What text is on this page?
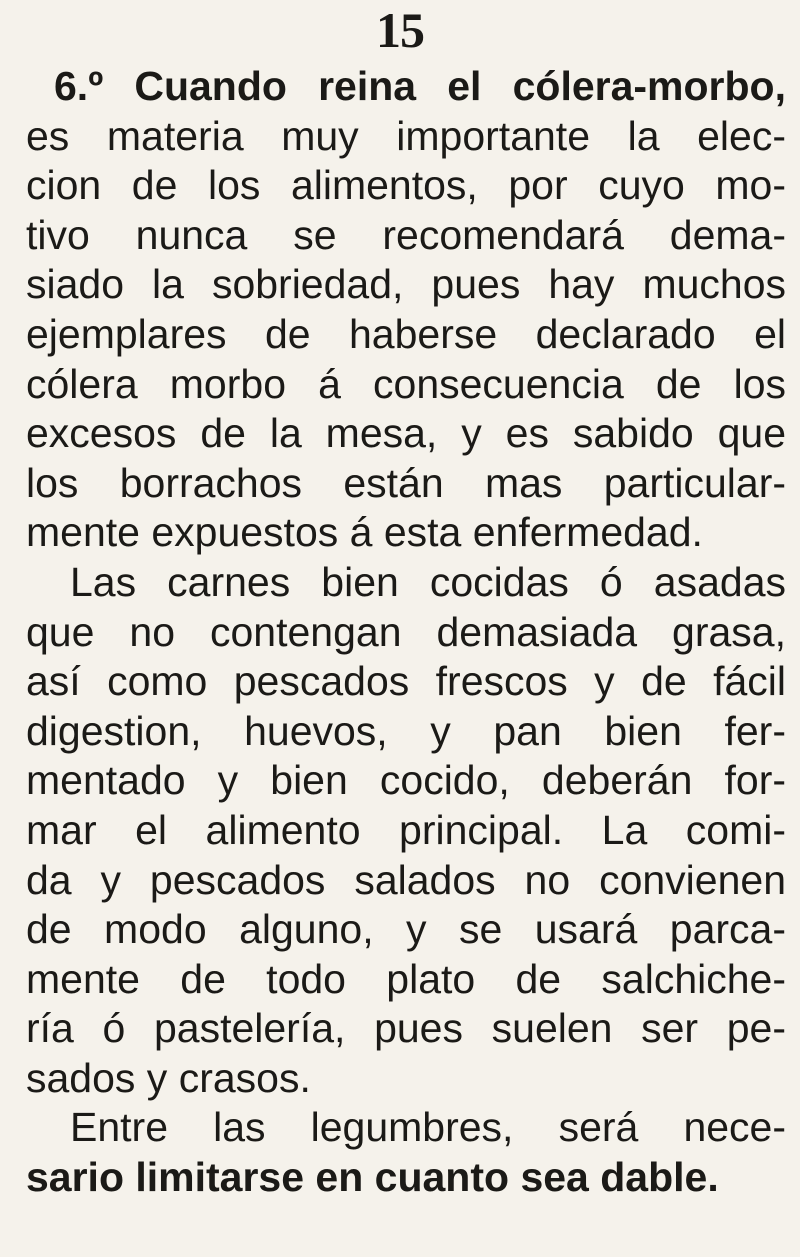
15
6.º Cuando reina el cólera-morbo,
es materia muy importante la elec-
cion de los alimentos, por cuyo mo-
tivo nunca se recomendará dema-
siado la sobriedad, pues hay muchos
ejemplares de haberse declarado el
cólera morbo á consecuencia de los
excesos de la mesa, y es sabido que
los borrachos están mas particular-
mente expuestos á esta enfermedad.
Las carnes bien cocidas ó asadas
que no contengan demasiada grasa,
así como pescados frescos y de fácil
digestion, huevos, y pan bien fer-
mentado y bien cocido, deberán for-
mar el alimento principal. La comi-
da y pescados salados no convienen
de modo alguno, y se usará parca-
mente de todo plato de salchiche-
ría ó pastelería, pues suelen ser pe-
sados y crasos.
Entre las legumbres, será nece-
sario limitarse en cuanto sea dable.
